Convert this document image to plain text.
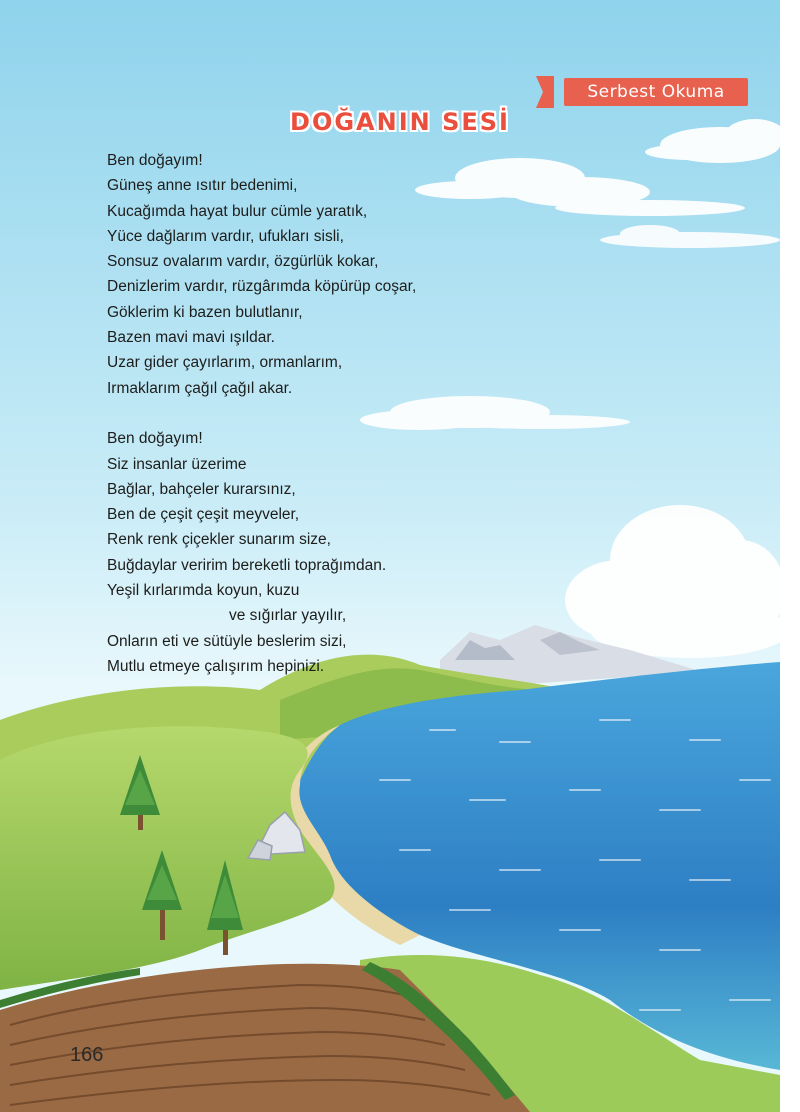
Serbest Okuma
DOĞANIN SESİ
Ben doğayım!
Güneş anne ısıtır bedenimi,
Kucağımda hayat bulur cümle yaratık,
Yüce dağlarım vardır, ufukları sisli,
Sonsuz ovalarım vardır, özgürlük kokar,
Denizlerim vardır, rüzgârımda köpürüp coşar,
Göklerim ki bazen bulutlanır,
Bazen mavi mavi ışıldar.
Uzar gider çayırlarım, ormanlarım,
Irmaklarım çağıl çağıl akar.
Ben doğayım!
Siz insanlar üzerime
Bağlar, bahçeler kurarsınız,
Ben de çeşit çeşit meyveler,
Renk renk çiçekler sunarım size,
Buğdaylar veririm bereketli toprağımdan.
Yeşil kırlarımda koyun, kuzu
ve sığırlar yayılır,
Onların eti ve sütüyle beslerim sizi,
Mutlu etmeye çalışırım hepinizi.
166
